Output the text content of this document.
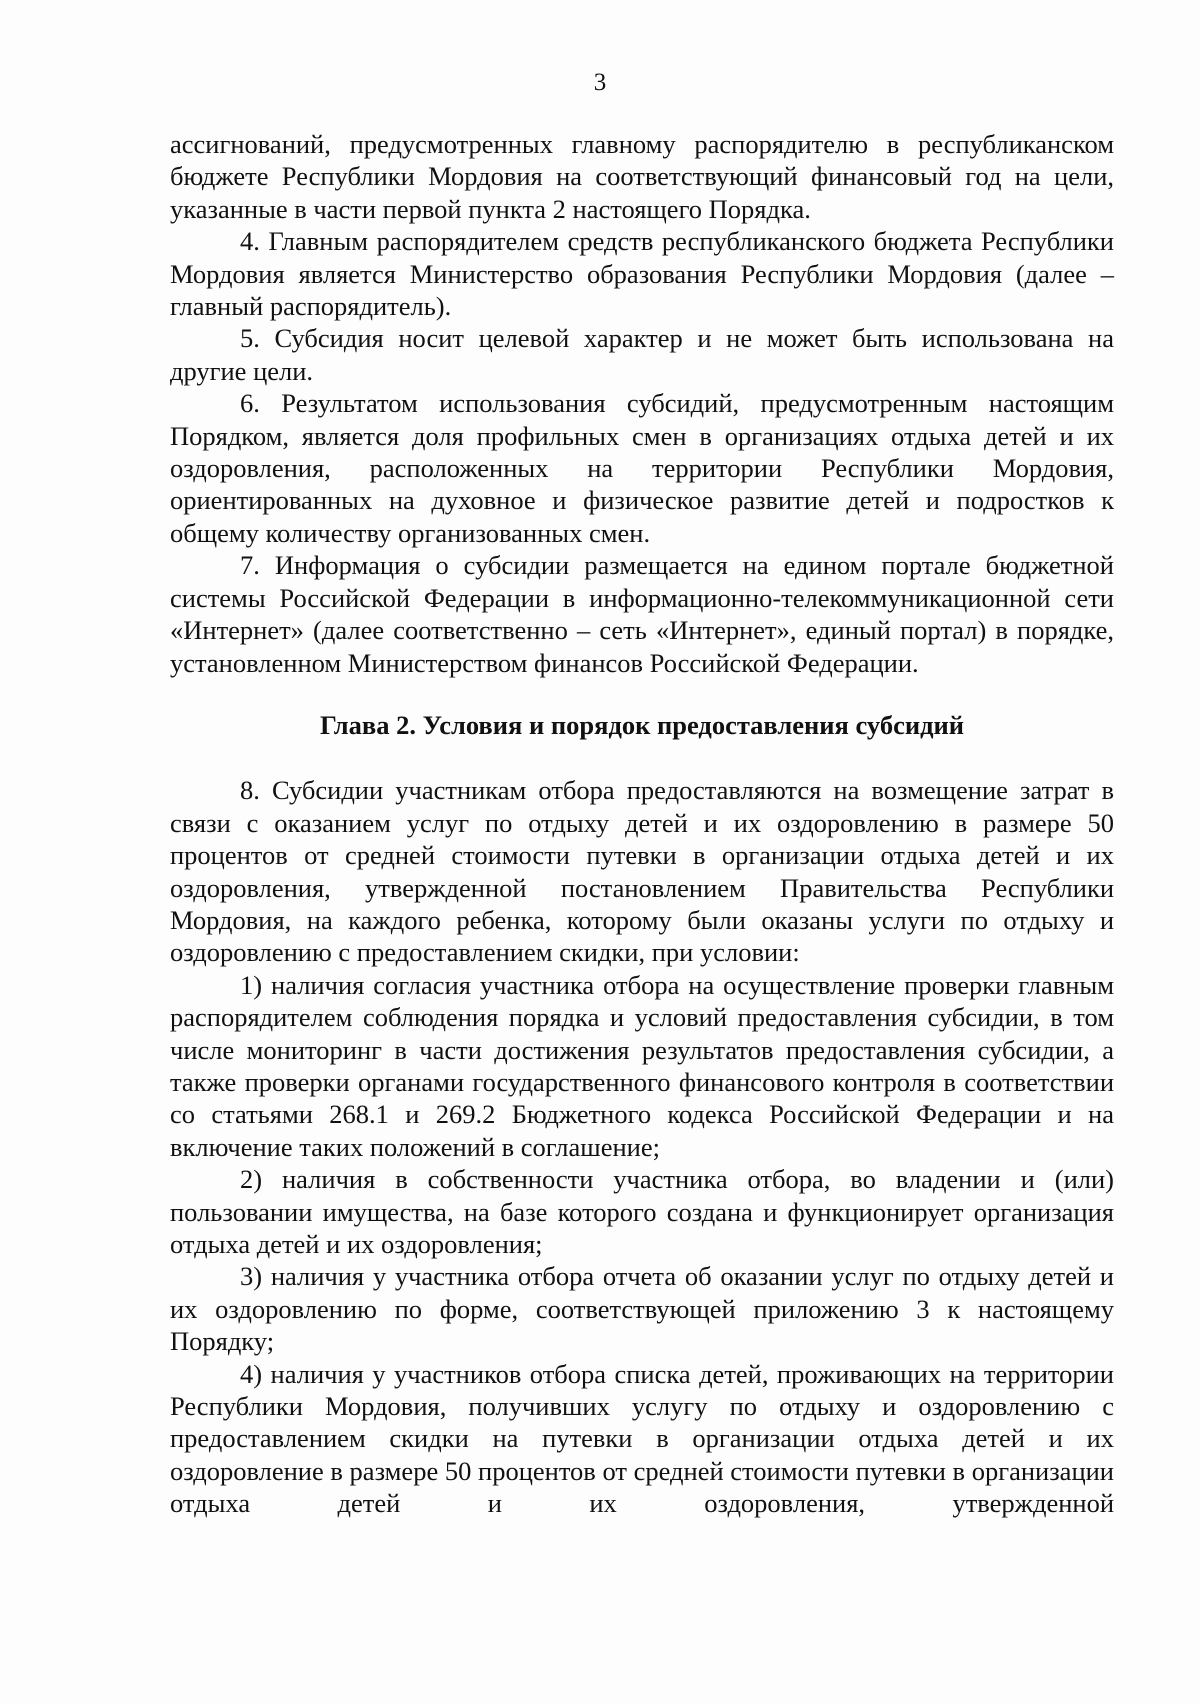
3

ассигнований, предусмотренных главному распорядителю в республиканском бюджете Республики Мордовия на соответствующий финансовый год на цели, указанные в части первой пункта 2 настоящего Порядка.

4. Главным распорядителем средств республиканского бюджета Республики Мордовия является Министерство образования Республики Мордовия (далее – главный распорядитель).

5. Субсидия носит целевой характер и не может быть использована на другие цели.

6. Результатом использования субсидий, предусмотренным настоящим Порядком, является доля профильных смен в организациях отдыха детей и их оздоровления, расположенных на территории Республики Мордовия, ориентированных на духовное и физическое развитие детей и подростков к общему количеству организованных смен.

7. Информация о субсидии размещается на едином портале бюджетной системы Российской Федерации в информационно-телекоммуникационной сети «Интернет» (далее соответственно – сеть «Интернет», единый портал) в порядке, установленном Министерством финансов Российской Федерации.

Глава 2. Условия и порядок предоставления субсидий

8. Субсидии участникам отбора предоставляются на возмещение затрат в связи с оказанием услуг по отдыху детей и их оздоровлению в размере 50 процентов от средней стоимости путевки в организации отдыха детей и их оздоровления, утвержденной постановлением Правительства Республики Мордовия, на каждого ребенка, которому были оказаны услуги по отдыху и оздоровлению с предоставлением скидки, при условии:

1) наличия согласия участника отбора на осуществление проверки главным распорядителем соблюдения порядка и условий предоставления субсидии, в том числе мониторинг в части достижения результатов предоставления субсидии, а также проверки органами государственного финансового контроля в соответствии со статьями 268.1 и 269.2 Бюджетного кодекса Российской Федерации и на включение таких положений в соглашение;

2) наличия в собственности участника отбора, во владении и (или) пользовании имущества, на базе которого создана и функционирует организация отдыха детей и их оздоровления;

3) наличия у участника отбора отчета об оказании услуг по отдыху детей и их оздоровлению по форме, соответствующей приложению 3 к настоящему Порядку;

4) наличия у участников отбора списка детей, проживающих на территории Республики Мордовия, получивших услугу по отдыху и оздоровлению с предоставлением скидки на путевки в организации отдыха детей и их оздоровление в размере 50 процентов от средней стоимости путевки в организации отдыха детей и их оздоровления, утвержденной
